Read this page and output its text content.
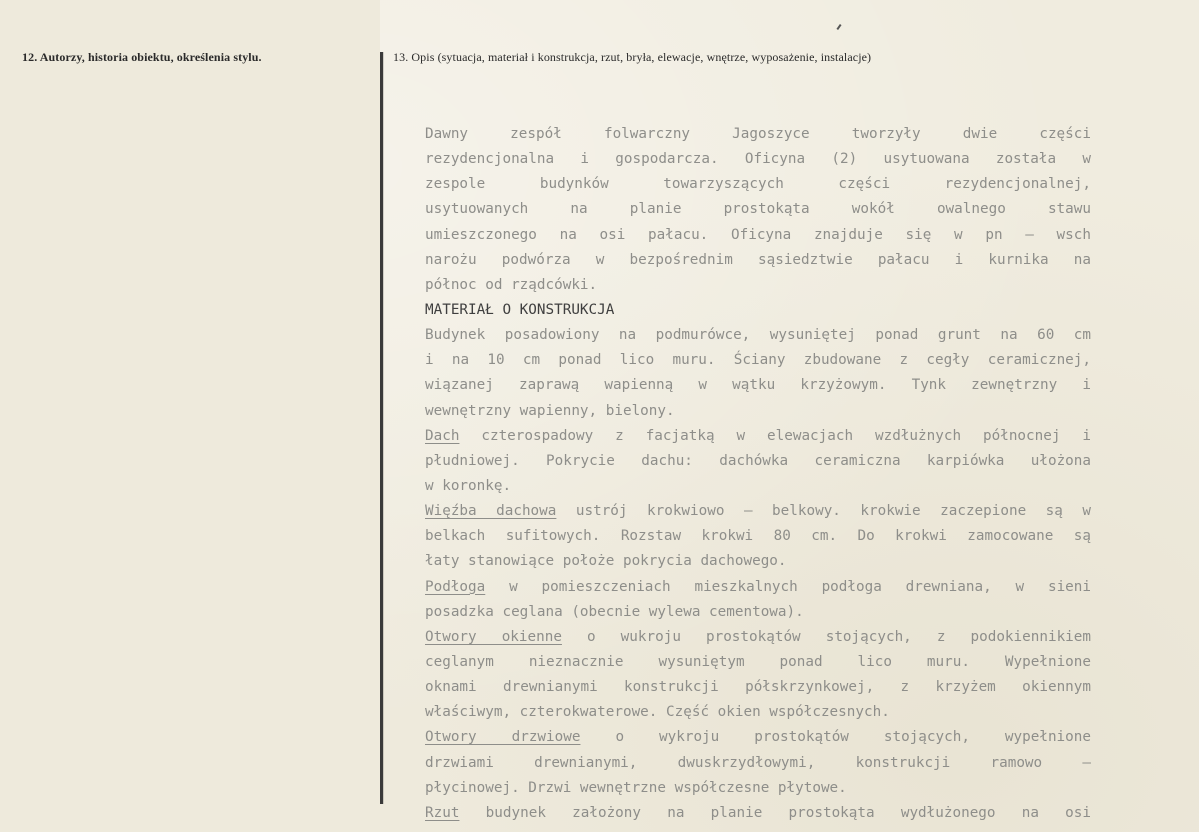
12. Autorzy, historia obiektu, określenia stylu.	13. Opis (sytuacja, materiał i konstrukcja, rzut, bryła, elewacje, wnętrze, wyposażenie, instalacje)
Dawny zespół folwarczny Jagoszyce tworzyły dwie części
rezydencjonalna i gospodarcza. Oficyna (2) usytuowana została w
zespole budynków towarzyszących części rezydencjonalnej,
usytuowanych na planie prostokąta wokół owalnego stawu
umieszczonego na osi pałacu. Oficyna znajduje się w pn – wsch
narożu podwórza w bezpośrednim sąsiedztwie pałacu i kurnika na
północ od rządcówki.
MATERIAŁ O KONSTRUKCJA
Budynek posadowiony na podmurówce, wysuniętej ponad grunt na 60 cm
i na 10 cm ponad lico muru. Ściany zbudowane z cegły ceramicznej,
wiązanej zaprawą wapienną w wątku krzyżowym. Tynk zewnętrzny i
wewnętrzny wapienny, bielony.
Dach czterospadowy z facjatką w elewacjach wzdłużnych północnej i
płudniowej. Pokrycie dachu: dachówka ceramiczna karpiówka ułożona
w koronkę.
Więźba dachowa ustrój krokwiowo – belkowy. krokwie zaczepione są w
belkach sufitowych. Rozstaw krokwi 80 cm. Do krokwi zamocowane są
łaty stanowiące położe pokrycia dachowego.
Podłoga w pomieszczeniach mieszkalnych podłoga drewniana, w sieni
posadzka ceglana (obecnie wylewa cementowa).
Otwory okienne o wukroju prostokątów stojących, z podokiennikiem
ceglanym nieznacznie wysuniętym ponad lico muru. Wypełnione
oknami drewnianymi konstrukcji półskrzynkowej, z krzyżem okiennym
właściwym, czterokwaterowe. Część okien współczesnych.
Otwory drzwiowe o wykroju prostokątów stojących, wypełnione
drzwiami drewnianymi, dwuskrzydłowymi, konstrukcji ramowo –
płycinowej. Drzwi wewnętrzne współczesne płytowe.
Rzut budynek założony na planie prostokąta wydłużonego na osi
